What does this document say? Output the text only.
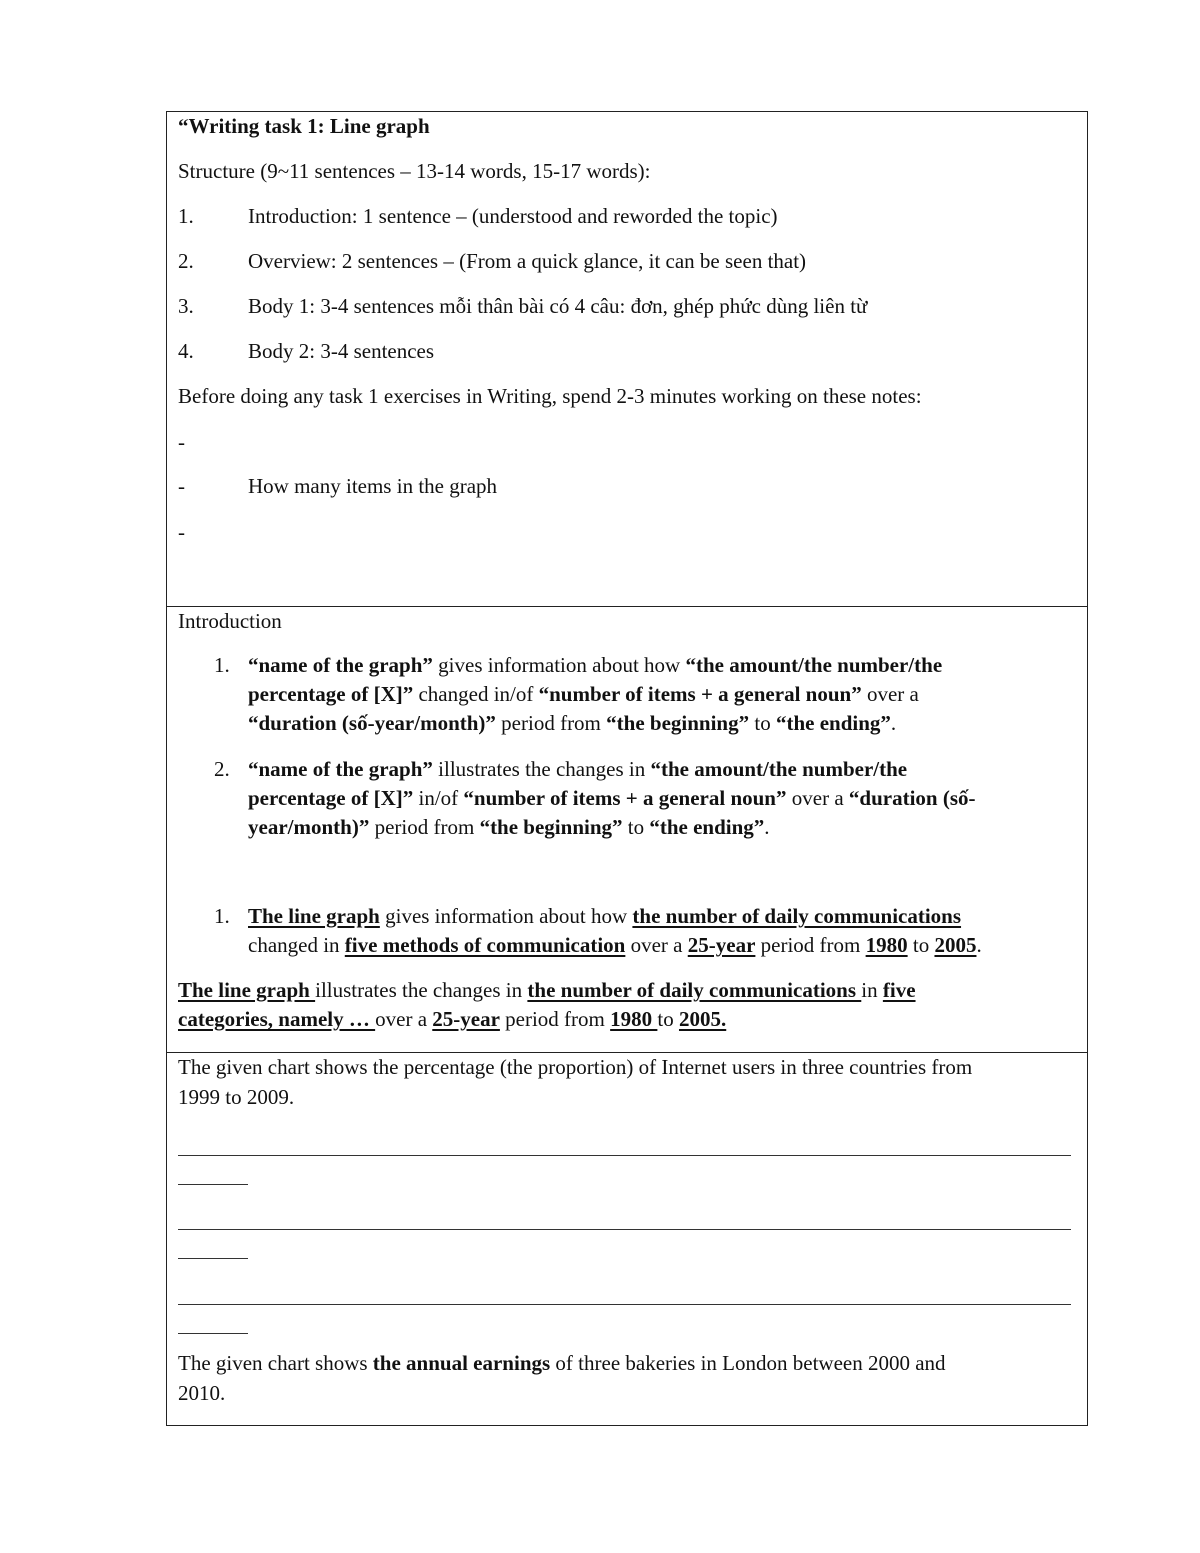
“Writing task 1: Line graph
Structure (9~11 sentences – 13-14 words, 15-17 words):
1.	Introduction: 1 sentence – (understood and reworded the topic)
2.	Overview: 2 sentences – (From a quick glance, it can be seen that)
3.	Body 1: 3-4 sentences mỗi thân bài có 4 câu: đơn, ghép phức dùng liên từ
4.	Body 2: 3-4 sentences
Before doing any task 1 exercises in Writing, spend 2-3 minutes working on these notes:
-
-	How many items in the graph
-
Introduction
1. “name of the graph” gives information about how “the amount/the number/the
percentage of [X]” changed in/of “number of items + a general noun” over a
“duration (số-year/month)” period from “the beginning” to “the ending”.
2. “name of the graph” illustrates the changes in “the amount/the number/the
percentage of [X]” in/of “number of items + a general noun” over a “duration (số-
year/month)” period from “the beginning” to “the ending”.
1. The line graph gives information about how the number of daily communications
changed in five methods of communication over a 25-year period from 1980 to 2005.
The line graph illustrates the changes in the number of daily communications in five
categories, namely … over a 25-year period from 1980 to 2005.
The given chart shows the percentage (the proportion) of Internet users in three countries from
1999 to 2009.
The given chart shows the annual earnings of three bakeries in London between 2000 and
2010.
